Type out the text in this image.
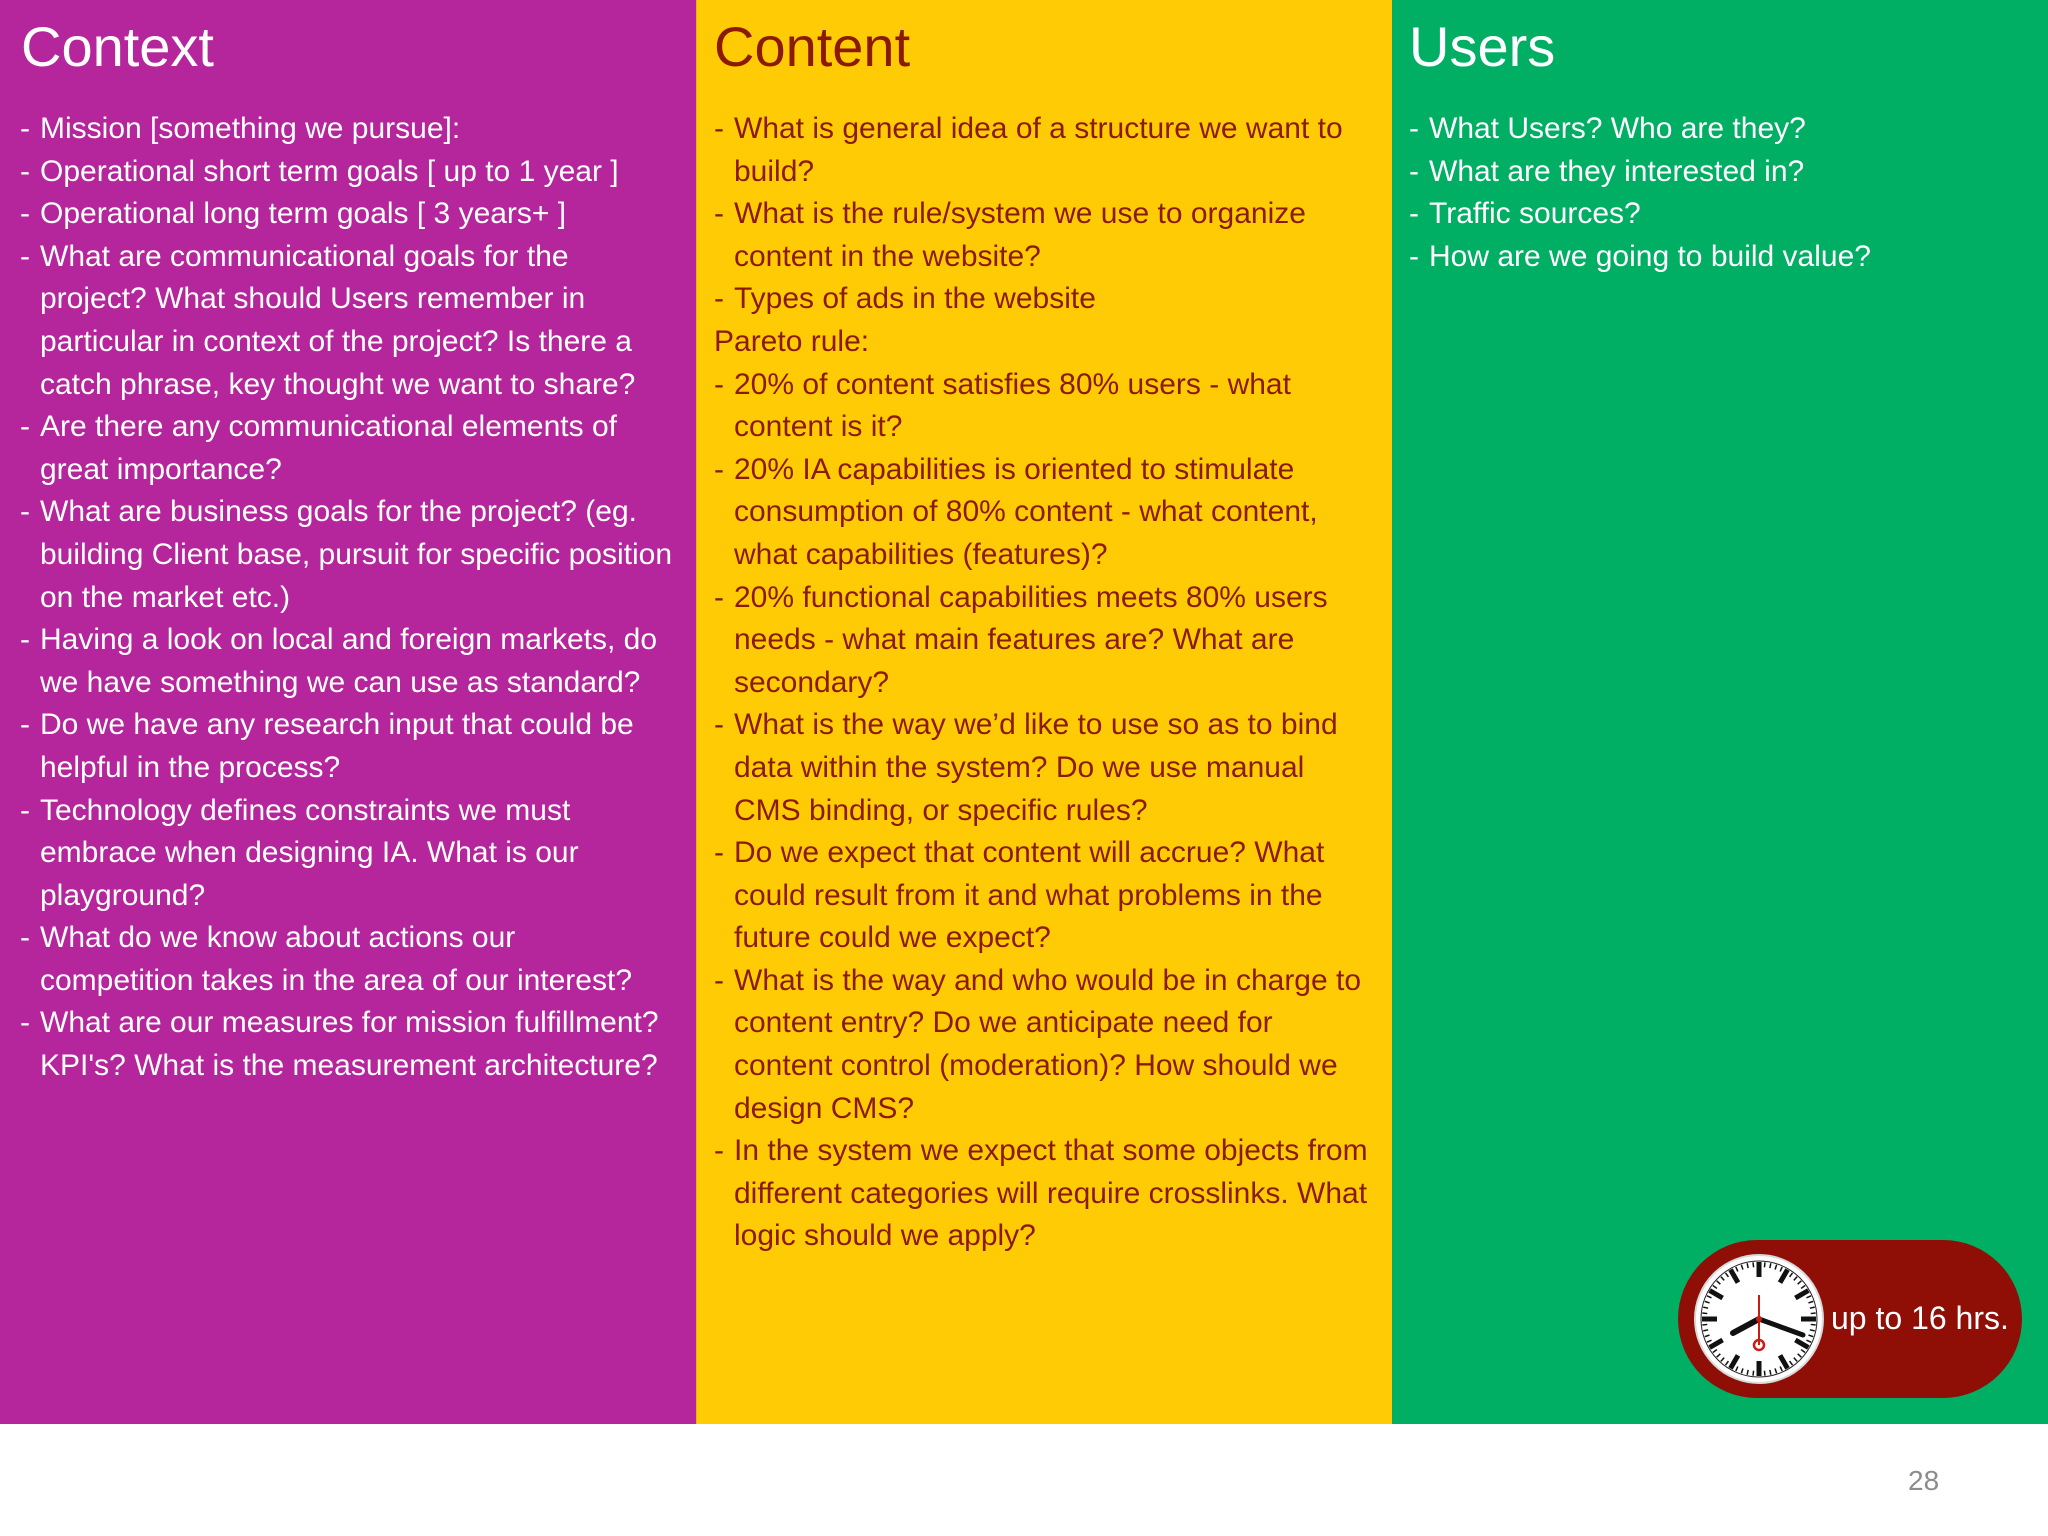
Context
- Mission [something we pursue]:
- Operational short term goals [ up to 1 year ]
- Operational long term goals [ 3 years+ ]
- What are communicational goals for the project? What should Users remember in particular in context of the project? Is there a catch phrase, key thought we want to share?
- Are there any communicational elements of great importance?
- What are business goals for the project? (eg. building Client base, pursuit for specific position on the market etc.)
- Having a look on local and foreign markets, do we have something we can use as standard?
- Do we have any research input that could be helpful in the process?
- Technology defines constraints we must embrace when designing IA. What is our playground?
- What do we know about actions our competition takes in the area of our interest?
- What are our measures for mission fulfillment? KPI's? What is the measurement architecture?
Content
- What is general idea of a structure we want to build?
- What is the rule/system we use to organize content in the website?
- Types of ads in the website
Pareto rule:
- 20% of content satisfies 80% users - what content is it?
- 20% IA capabilities is oriented to stimulate consumption of 80% content - what content, what capabilities (features)?
- 20% functional capabilities meets 80% users needs - what main features are? What are secondary?
- What is the way we’d like to use so as to bind data within the system? Do we use manual CMS binding, or specific rules?
- Do we expect that content will accrue? What could result from it and what problems in the future could we expect?
- What is the way and who would be in charge to content entry? Do we anticipate need for content control (moderation)? How should we design CMS?
- In the system we expect that some objects from different categories will require crosslinks. What logic should we apply?
Users
- What Users? Who are they?
- What are they interested in?
- Traffic sources?
- How are we going to build value?
up to 16 hrs.
28
